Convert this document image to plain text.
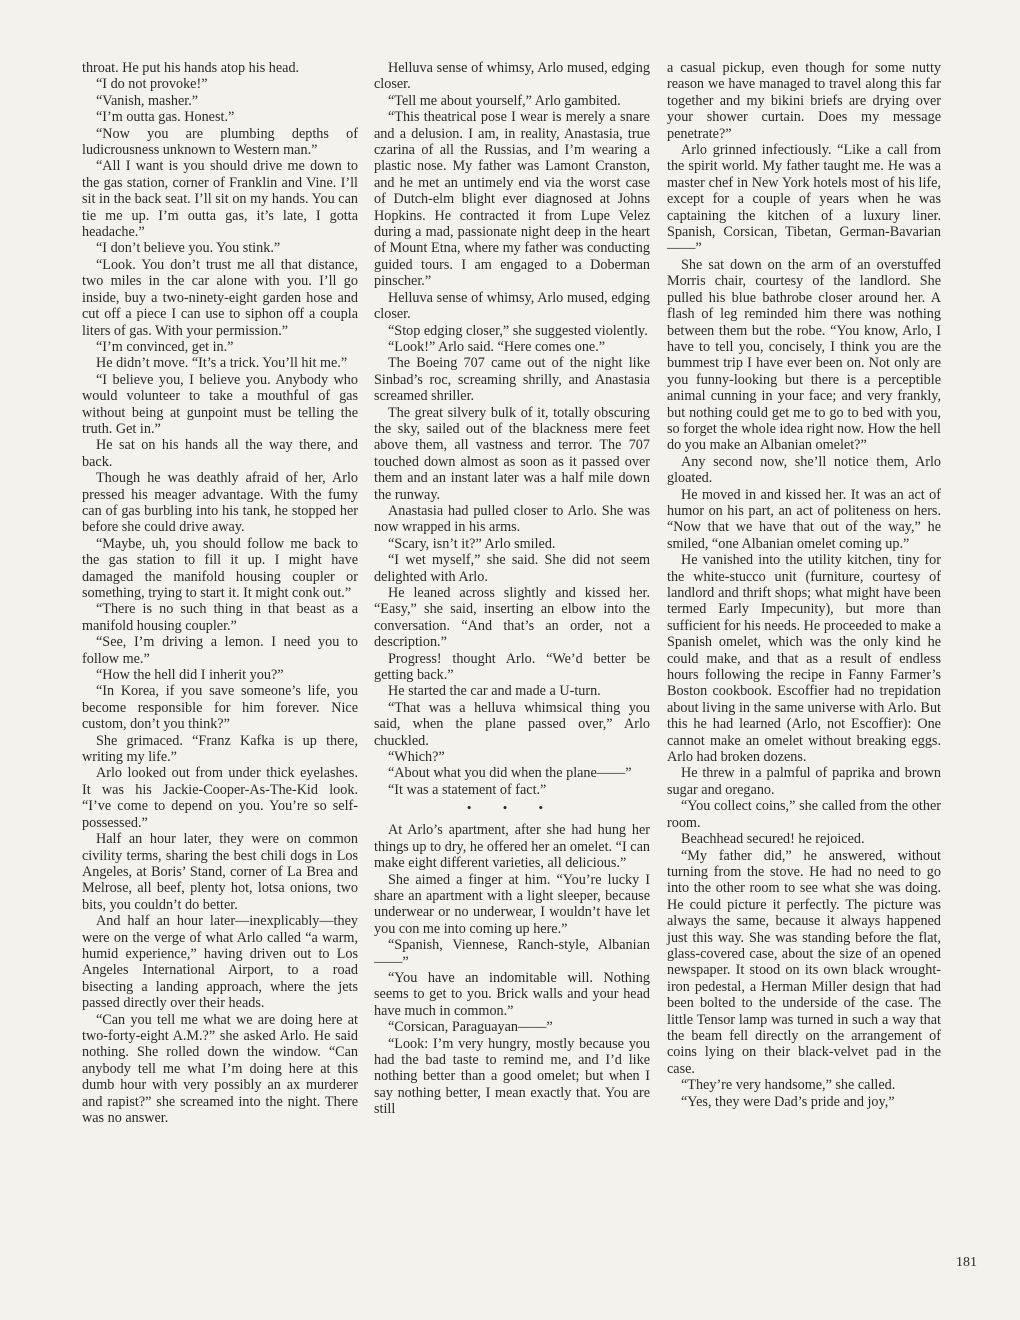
throat. He put his hands atop his head.

“I do not provoke!”

“Vanish, masher.”

“I’m outta gas. Honest.”

“Now you are plumbing depths of ludicrousness unknown to Western man.”

“All I want is you should drive me down to the gas station, corner of Franklin and Vine. I’ll sit in the back seat. I’ll sit on my hands. You can tie me up. I’m outta gas, it’s late, I gotta headache.”

“I don’t believe you. You stink.”

“Look. You don’t trust me all that distance, two miles in the car alone with you. I’ll go inside, buy a two-ninety-eight garden hose and cut off a piece I can use to siphon off a coupla liters of gas. With your permission.”

“I’m convinced, get in.”

He didn’t move. “It’s a trick. You’ll hit me.”

“I believe you, I believe you. Anybody who would volunteer to take a mouthful of gas without being at gunpoint must be telling the truth. Get in.”

He sat on his hands all the way there, and back.

Though he was deathly afraid of her, Arlo pressed his meager advantage. With the fumy can of gas burbling into his tank, he stopped her before she could drive away.

“Maybe, uh, you should follow me back to the gas station to fill it up. I might have damaged the manifold housing coupler or something, trying to start it. It might conk out.”

“There is no such thing in that beast as a manifold housing coupler.”

“See, I’m driving a lemon. I need you to follow me.”

“How the hell did I inherit you?”

“In Korea, if you save someone’s life, you become responsible for him forever. Nice custom, don’t you think?”

She grimaced. “Franz Kafka is up there, writing my life.”

Arlo looked out from under thick eyelashes. It was his Jackie-Cooper-As-The-Kid look. “I’ve come to depend on you. You’re so self-possessed.”

Half an hour later, they were on common civility terms, sharing the best chili dogs in Los Angeles, at Boris’ Stand, corner of La Brea and Melrose, all beef, plenty hot, lotsa onions, two bits, you couldn’t do better.

And half an hour later—inexplicably—they were on the verge of what Arlo called “a warm, humid experience,” having driven out to Los Angeles International Airport, to a road bisecting a landing approach, where the jets passed directly over their heads.

“Can you tell me what we are doing here at two-forty-eight A.M.?” she asked Arlo. He said nothing. She rolled down the window. “Can anybody tell me what I’m doing here at this dumb hour with very possibly an ax murderer and rapist?” she screamed into the night. There was no answer.

Helluva sense of whimsy, Arlo mused, edging closer.

“Tell me about yourself,” Arlo gambited.

“This theatrical pose I wear is merely a snare and a delusion. I am, in reality, Anastasia, true czarina of all the Russias, and I’m wearing a plastic nose. My father was Lamont Cranston, and he met an untimely end via the worst case of Dutch-elm blight ever diagnosed at Johns Hopkins. He contracted it from Lupe Velez during a mad, passionate night deep in the heart of Mount Etna, where my father was conducting guided tours. I am engaged to a Doberman pinscher.”

Helluva sense of whimsy, Arlo mused, edging closer.

“Stop edging closer,” she suggested violently.

“Look!” Arlo said. “Here comes one.”

The Boeing 707 came out of the night like Sinbad’s roc, screaming shrilly, and Anastasia screamed shriller.

The great silvery bulk of it, totally obscuring the sky, sailed out of the blackness mere feet above them, all vastness and terror. The 707 touched down almost as soon as it passed over them and an instant later was a half mile down the runway.

Anastasia had pulled closer to Arlo. She was now wrapped in his arms.

“Scary, isn’t it?” Arlo smiled.

“I wet myself,” she said. She did not seem delighted with Arlo.

He leaned across slightly and kissed her. “Easy,” she said, inserting an elbow into the conversation. “And that’s an order, not a description.”

Progress! thought Arlo. “We’d better be getting back.”

He started the car and made a U-turn.

“That was a helluva whimsical thing you said, when the plane passed over,” Arlo chuckled.

“Which?”

“About what you did when the plane——”

“It was a statement of fact.”

• • •

At Arlo’s apartment, after she had hung her things up to dry, he offered her an omelet. “I can make eight different varieties, all delicious.”

She aimed a finger at him. “You’re lucky I share an apartment with a light sleeper, because underwear or no underwear, I wouldn’t have let you con me into coming up here.”

“Spanish, Viennese, Ranch-style, Albanian——”

“You have an indomitable will. Nothing seems to get to you. Brick walls and your head have much in common.”

“Corsican, Paraguayan——”

“Look: I’m very hungry, mostly because you had the bad taste to remind me, and I’d like nothing better than a good omelet; but when I say nothing better, I mean exactly that. You are still

a casual pickup, even though for some nutty reason we have managed to travel along this far together and my bikini briefs are drying over your shower curtain. Does my message penetrate?”

Arlo grinned infectiously. “Like a call from the spirit world. My father taught me. He was a master chef in New York hotels most of his life, except for a couple of years when he was captaining the kitchen of a luxury liner. Spanish, Corsican, Tibetan, German-Bavarian——”

She sat down on the arm of an overstuffed Morris chair, courtesy of the landlord. She pulled his blue bathrobe closer around her. A flash of leg reminded him there was nothing between them but the robe. “You know, Arlo, I have to tell you, concisely, I think you are the bummest trip I have ever been on. Not only are you funny-looking but there is a perceptible animal cunning in your face; and very frankly, but nothing could get me to go to bed with you, so forget the whole idea right now. How the hell do you make an Albanian omelet?”

Any second now, she’ll notice them, Arlo gloated.

He moved in and kissed her. It was an act of humor on his part, an act of politeness on hers. “Now that we have that out of the way,” he smiled, “one Albanian omelet coming up.”

He vanished into the utility kitchen, tiny for the white-stucco unit (furniture, courtesy of landlord and thrift shops; what might have been termed Early Impecunity), but more than sufficient for his needs. He proceeded to make a Spanish omelet, which was the only kind he could make, and that as a result of endless hours following the recipe in Fanny Farmer’s Boston cookbook. Escoffier had no trepidation about living in the same universe with Arlo. But this he had learned (Arlo, not Escoffier): One cannot make an omelet without breaking eggs. Arlo had broken dozens.

He threw in a palmful of paprika and brown sugar and oregano.

“You collect coins,” she called from the other room.

Beachhead secured! he rejoiced.

“My father did,” he answered, without turning from the stove. He had no need to go into the other room to see what she was doing. He could picture it perfectly. The picture was always the same, because it always happened just this way. She was standing before the flat, glass-covered case, about the size of an opened newspaper. It stood on its own black wrought-iron pedestal, a Herman Miller design that had been bolted to the underside of the case. The little Tensor lamp was turned in such a way that the beam fell directly on the arrangement of coins lying on their black-velvet pad in the case.

“They’re very handsome,” she called.

“Yes, they were Dad’s pride and joy,”

181
